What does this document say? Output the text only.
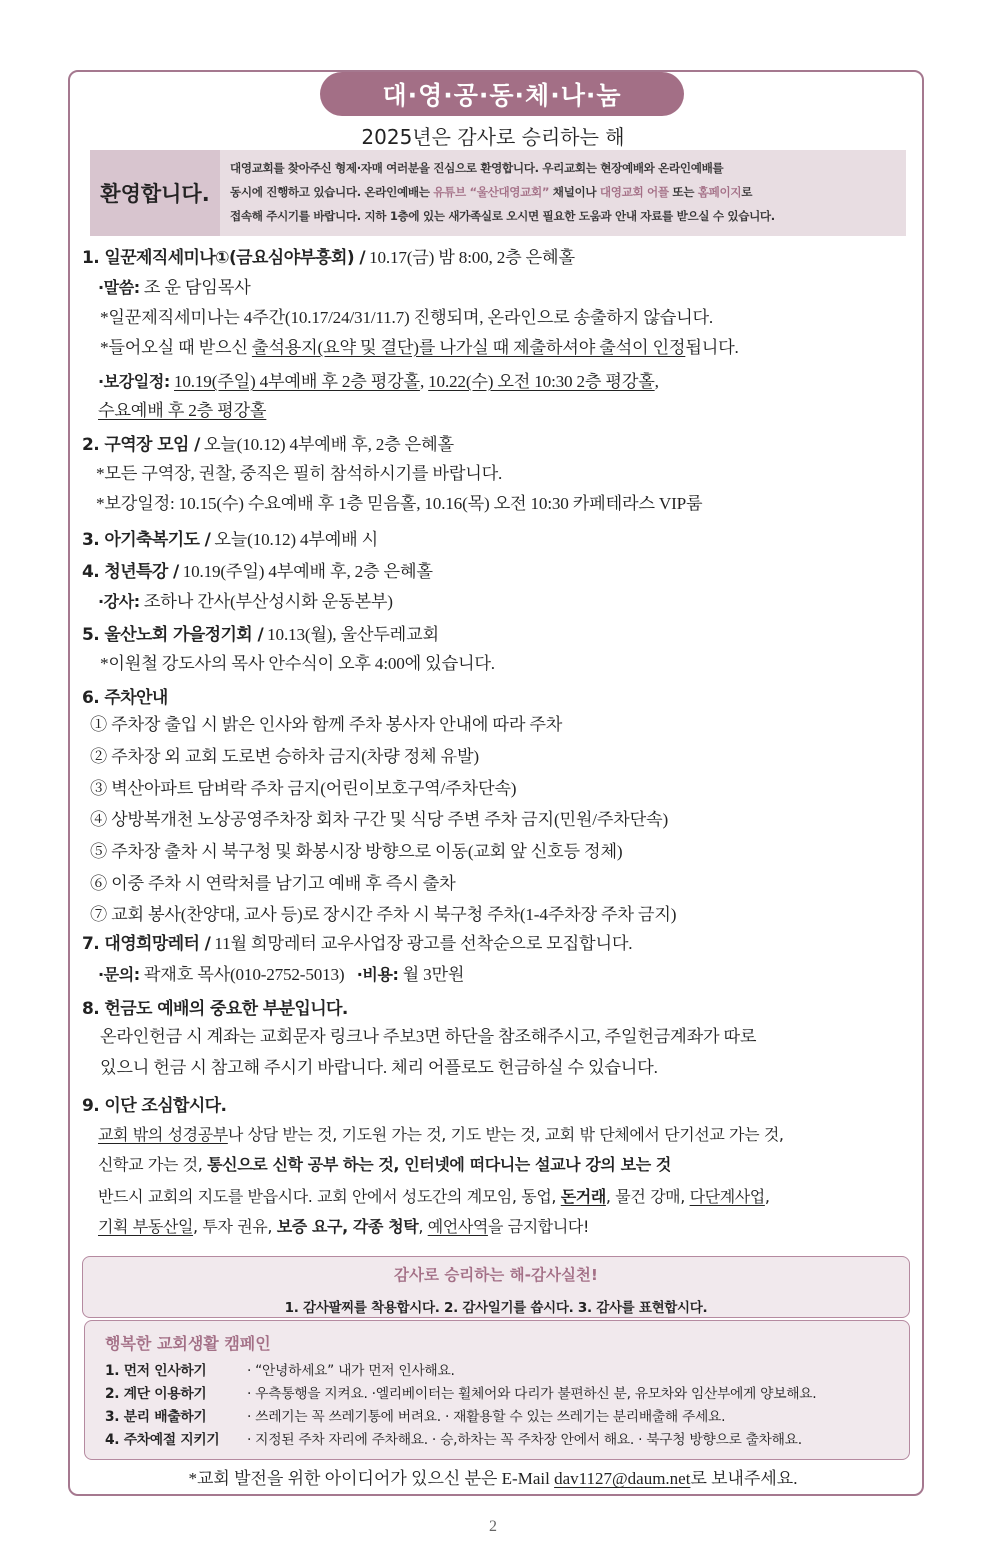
대·영·공·동·체·나·눔
2025년은 감사로 승리하는 해
환영합니다.
대영교회를 찾아주신 형제·자매 여러분을 진심으로 환영합니다. 우리교회는 현장예배와 온라인예배를
동시에 진행하고 있습니다. 온라인예배는 유튜브 “울산대영교회” 채널이나 대영교회 어플 또는 홈페이지로
접속해 주시기를 바랍니다. 지하 1층에 있는 새가족실로 오시면 필요한 도움과 안내 자료를 받으실 수 있습니다.
1. 일꾼제직세미나①(금요심야부흥회) / 10.17(금) 밤 8:00, 2층 은혜홀
·말씀: 조 운 담임목사
*일꾼제직세미나는 4주간(10.17/24/31/11.7) 진행되며, 온라인으로 송출하지 않습니다.
*들어오실 때 받으신 출석용지(요약 및 결단)를 나가실 때 제출하셔야 출석이 인정됩니다.
·보강일정: 10.19(주일) 4부예배 후 2층 평강홀, 10.22(수) 오전 10:30 2층 평강홀,
수요예배 후 2층 평강홀
2. 구역장 모임 / 오늘(10.12) 4부예배 후, 2층 은혜홀
*모든 구역장, 권찰, 중직은 필히 참석하시기를 바랍니다.
*보강일정: 10.15(수) 수요예배 후 1층 믿음홀, 10.16(목) 오전 10:30 카페테라스 VIP룸
3. 아기축복기도 / 오늘(10.12) 4부예배 시
4. 청년특강 / 10.19(주일) 4부예배 후, 2층 은혜홀
·강사: 조하나 간사(부산성시화 운동본부)
5. 울산노회 가을정기회 / 10.13(월), 울산두레교회
*이원철 강도사의 목사 안수식이 오후 4:00에 있습니다.
6. 주차안내
① 주차장 출입 시 밝은 인사와 함께 주차 봉사자 안내에 따라 주차
② 주차장 외 교회 도로변 승하차 금지(차량 정체 유발)
③ 벽산아파트 담벼락 주차 금지(어린이보호구역/주차단속)
④ 상방복개천 노상공영주차장 회차 구간 및 식당 주변 주차 금지(민원/주차단속)
⑤ 주차장 출차 시 북구청 및 화봉시장 방향으로 이동(교회 앞 신호등 정체)
⑥ 이중 주차 시 연락처를 남기고 예배 후 즉시 출차
⑦ 교회 봉사(찬양대, 교사 등)로 장시간 주차 시 북구청 주차(1-4주차장 주차 금지)
7. 대영희망레터 / 11월 희망레터 교우사업장 광고를 선착순으로 모집합니다.
·문의: 곽재호 목사(010-2752-5013) ·비용: 월 3만원
8. 헌금도 예배의 중요한 부분입니다.
온라인헌금 시 계좌는 교회문자 링크나 주보3면 하단을 참조해주시고, 주일헌금계좌가 따로
있으니 헌금 시 참고해 주시기 바랍니다. 체리 어플로도 헌금하실 수 있습니다.
9. 이단 조심합시다.
교회 밖의 성경공부나 상담 받는 것, 기도원 가는 것, 기도 받는 것, 교회 밖 단체에서 단기선교 가는 것,
신학교 가는 것, 통신으로 신학 공부 하는 것, 인터넷에 떠다니는 설교나 강의 보는 것
반드시 교회의 지도를 받읍시다. 교회 안에서 성도간의 계모임, 동업, 돈거래, 물건 강매, 다단계사업,
기획 부동산일, 투자 권유, 보증 요구, 각종 청탁, 예언사역을 금지합니다!
감사로 승리하는 해-감사실천!
1. 감사팔찌를 착용합시다. 2. 감사일기를 씁시다. 3. 감사를 표현합시다.
행복한 교회생활 캠페인
1. 먼저 인사하기	· “안녕하세요” 내가 먼저 인사해요.
2. 계단 이용하기	· 우측통행을 지켜요. ·엘리베이터는 휠체어와 다리가 불편하신 분, 유모차와 임산부에게 양보해요.
3. 분리 배출하기	· 쓰레기는 꼭 쓰레기통에 버려요. · 재활용할 수 있는 쓰레기는 분리배출해 주세요.
4. 주차예절 지키기 · 지정된 주차 자리에 주차해요. · 승,하차는 꼭 주차장 안에서 해요. · 북구청 방향으로 출차해요.
*교회 발전을 위한 아이디어가 있으신 분은 E-Mail dav1127@daum.net로 보내주세요.
2
